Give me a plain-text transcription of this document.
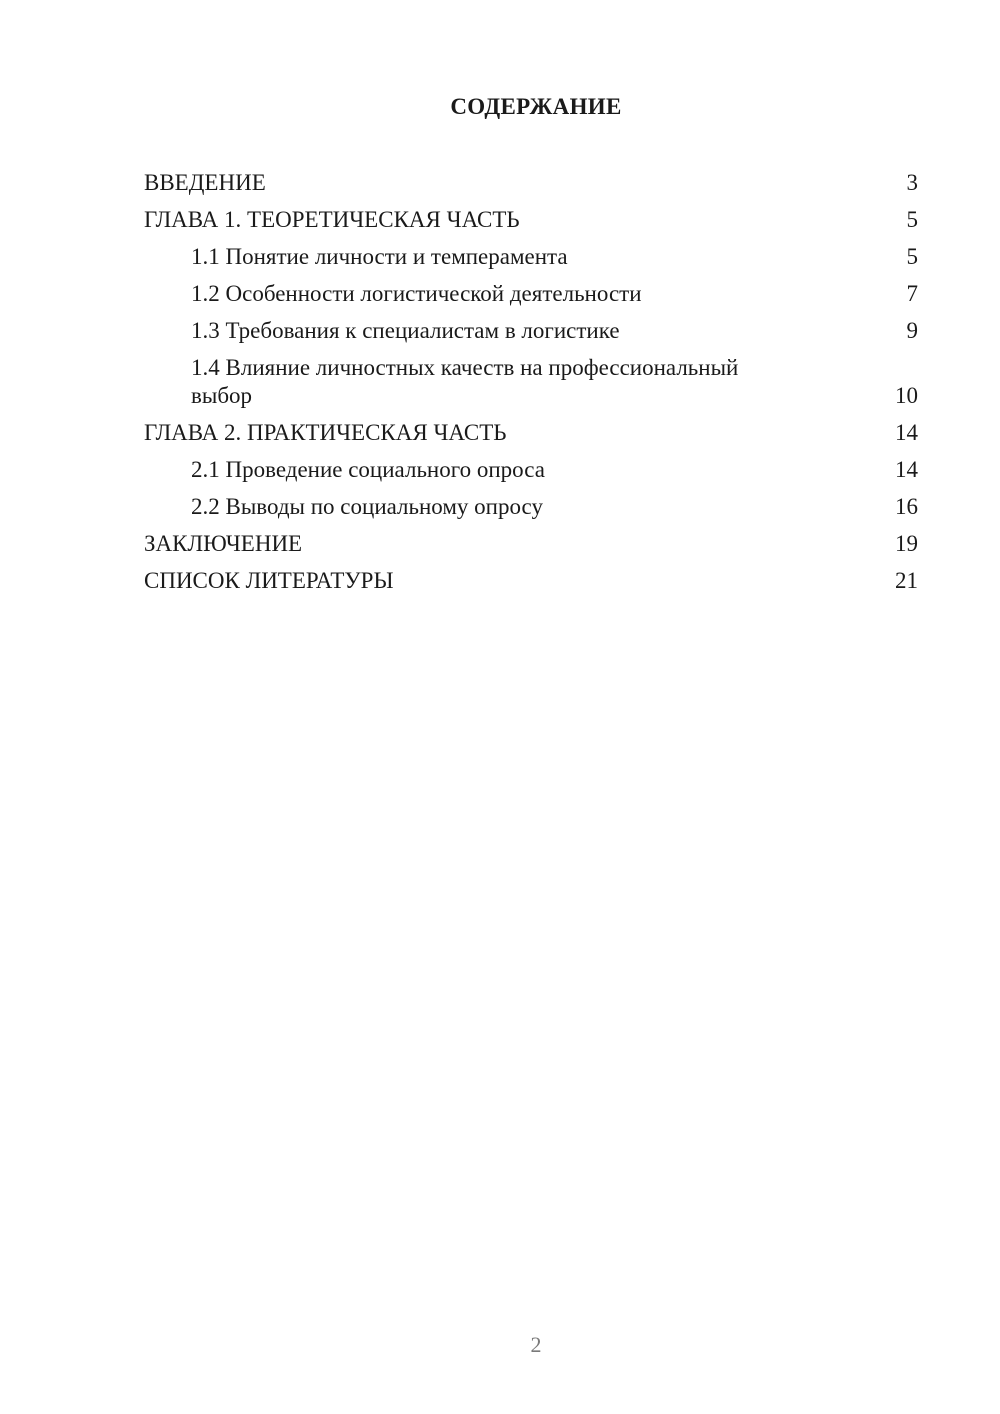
СОДЕРЖАНИЕ
ВВЕДЕНИЕ	3
ГЛАВА 1. ТЕОРЕТИЧЕСКАЯ ЧАСТЬ	5
1.1 Понятие личности и темперамента	5
1.2 Особенности логистической деятельности	7
1.3 Требования к специалистам в логистике	9
1.4 Влияние личностных качеств на профессиональный выбор	10
ГЛАВА 2. ПРАКТИЧЕСКАЯ ЧАСТЬ	14
2.1 Проведение социального опроса	14
2.2 Выводы по социальному опросу	16
ЗАКЛЮЧЕНИЕ	19
СПИСОК ЛИТЕРАТУРЫ	21
2
